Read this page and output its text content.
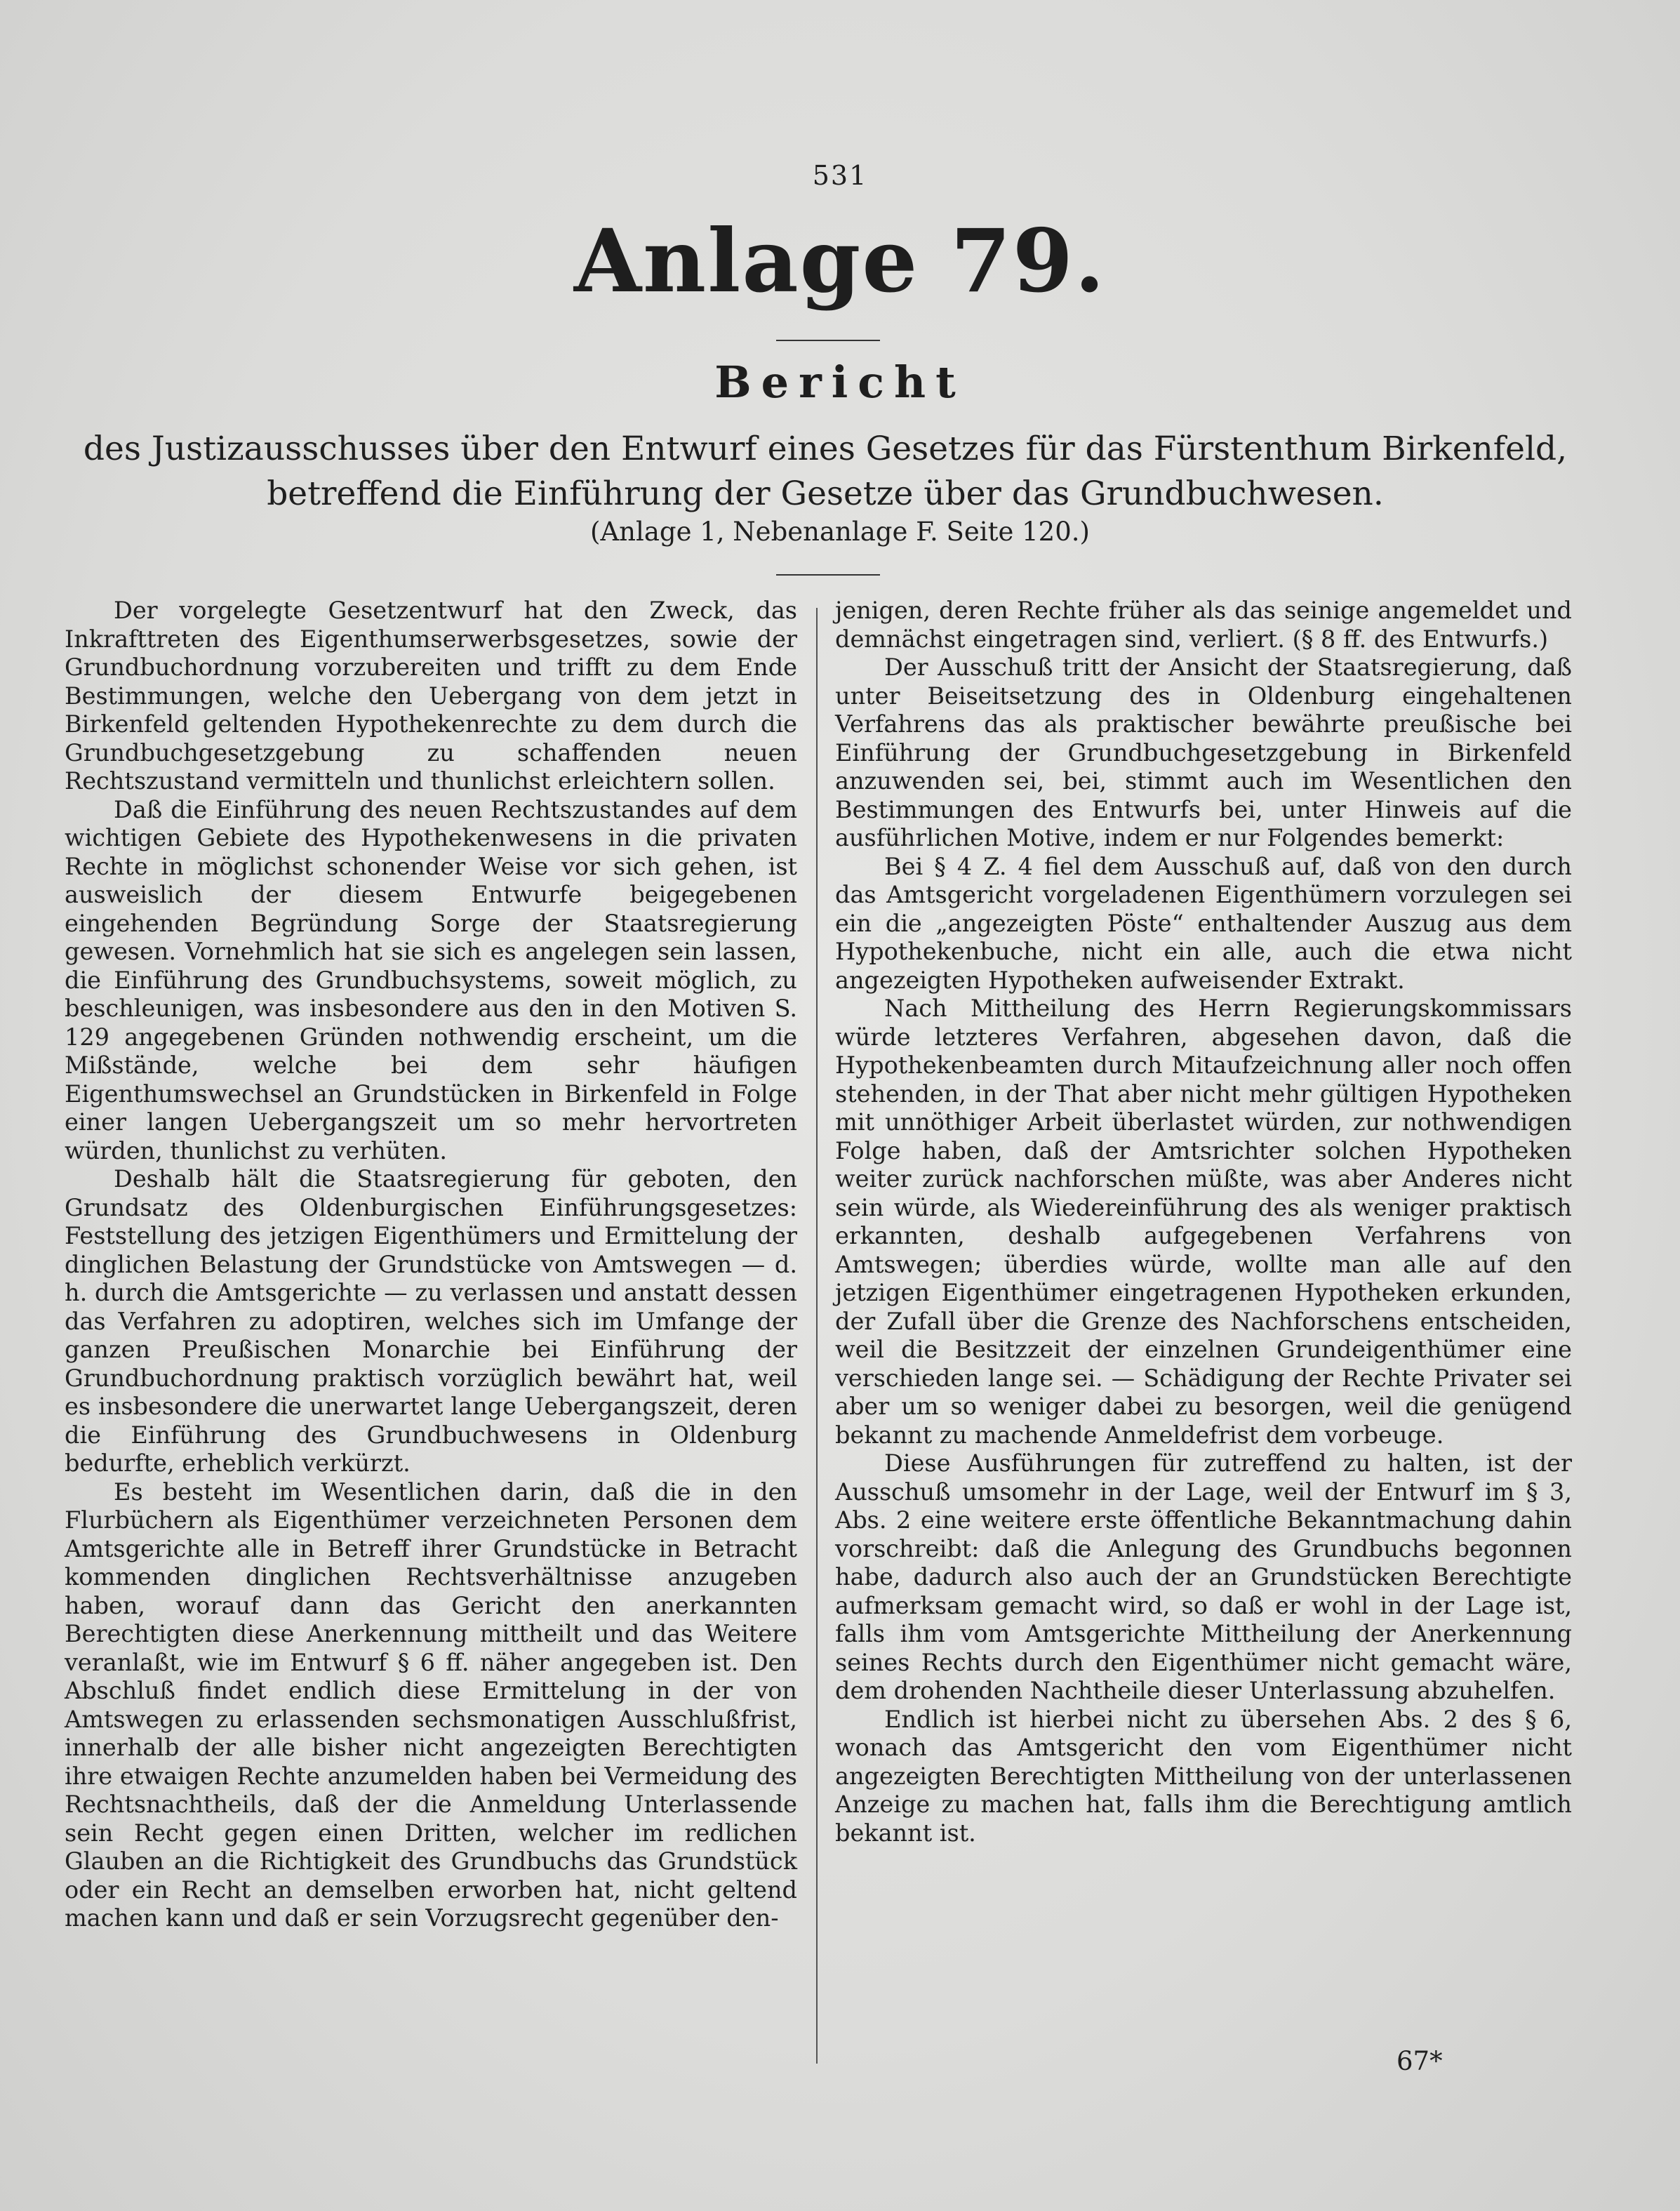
531
Anlage 79.
Bericht
des Justizausschusses über den Entwurf eines Gesetzes für das Fürstenthum Birkenfeld, betreffend die Einführung der Gesetze über das Grundbuchwesen.
(Anlage 1, Nebenanlage F. Seite 120.)

Der vorgelegte Gesetzentwurf hat den Zweck, das Inkrafttreten des Eigenthumserwerbsgesetzes, sowie der Grundbuchordnung vorzubereiten und trifft zu dem Ende Bestimmungen, welche den Uebergang von dem jetzt in Birkenfeld geltenden Hypothekenrechte zu dem durch die Grundbuchgesetzgebung zu schaffenden neuen Rechtszustand vermitteln und thunlichst erleichtern sollen.

Daß die Einführung des neuen Rechtszustandes auf dem wichtigen Gebiete des Hypothekenwesens in die privaten Rechte in möglichst schonender Weise vor sich gehen, ist ausweislich der diesem Entwurfe beigegebenen eingehenden Begründung Sorge der Staatsregierung gewesen. Vornehmlich hat sie sich es angelegen sein lassen, die Einführung des Grundbuchsystems, soweit möglich, zu beschleunigen, was insbesondere aus den in den Motiven S. 129 angegebenen Gründen nothwendig erscheint, um die Mißstände, welche bei dem sehr häufigen Eigenthumswechsel an Grundstücken in Birkenfeld in Folge einer langen Uebergangszeit um so mehr hervortreten würden, thunlichst zu verhüten.

Deshalb hält die Staatsregierung für geboten, den Grundsatz des Oldenburgischen Einführungsgesetzes: Feststellung des jetzigen Eigenthümers und Ermittelung der dinglichen Belastung der Grundstücke von Amtswegen — d. h. durch die Amtsgerichte — zu verlassen und anstatt dessen das Verfahren zu adoptiren, welches sich im Umfange der ganzen Preußischen Monarchie bei Einführung der Grundbuchordnung praktisch vorzüglich bewährt hat, weil es insbesondere die unerwartet lange Uebergangszeit, deren die Einführung des Grundbuchwesens in Oldenburg bedurfte, erheblich verkürzt.

Es besteht im Wesentlichen darin, daß die in den Flurbüchern als Eigenthümer verzeichneten Personen dem Amtsgerichte alle in Betreff ihrer Grundstücke in Betracht kommenden dinglichen Rechtsverhältnisse anzugeben haben, worauf dann das Gericht den anerkannten Berechtigten diese Anerkennung mittheilt und das Weitere veranlaßt, wie im Entwurf § 6 ff. näher angegeben ist. Den Abschluß findet endlich diese Ermittelung in der von Amtswegen zu erlassenden sechsmonatigen Ausschlußfrist, innerhalb der alle bisher nicht angezeigten Berechtigten ihre etwaigen Rechte anzumelden haben bei Vermeidung des Rechtsnachtheils, daß der die Anmeldung Unterlassende sein Recht gegen einen Dritten, welcher im redlichen Glauben an die Richtigkeit des Grundbuchs das Grundstück oder ein Recht an demselben erworben hat, nicht geltend machen kann und daß er sein Vorzugsrecht gegenüber den-

jenigen, deren Rechte früher als das seinige angemeldet und demnächst eingetragen sind, verliert. (§ 8 ff. des Entwurfs.)

Der Ausschuß tritt der Ansicht der Staatsregierung, daß unter Beiseitsetzung des in Oldenburg eingehaltenen Verfahrens das als praktischer bewährte preußische bei Einführung der Grundbuchgesetzgebung in Birkenfeld anzuwenden sei, bei, stimmt auch im Wesentlichen den Bestimmungen des Entwurfs bei, unter Hinweis auf die ausführlichen Motive, indem er nur Folgendes bemerkt:

Bei § 4 Z. 4 fiel dem Ausschuß auf, daß von den durch das Amtsgericht vorgeladenen Eigenthümern vorzulegen sei ein die „angezeigten Pöste“ enthaltender Auszug aus dem Hypothekenbuche, nicht ein alle, auch die etwa nicht angezeigten Hypotheken aufweisender Extrakt.

Nach Mittheilung des Herrn Regierungskommissars würde letzteres Verfahren, abgesehen davon, daß die Hypothekenbeamten durch Mitaufzeichnung aller noch offen stehenden, in der That aber nicht mehr gültigen Hypotheken mit unnöthiger Arbeit überlastet würden, zur nothwendigen Folge haben, daß der Amtsrichter solchen Hypotheken weiter zurück nachforschen müßte, was aber Anderes nicht sein würde, als Wiedereinführung des als weniger praktisch erkannten, deshalb aufgegebenen Verfahrens von Amtswegen; überdies würde, wollte man alle auf den jetzigen Eigenthümer eingetragenen Hypotheken erkunden, der Zufall über die Grenze des Nachforschens entscheiden, weil die Besitzzeit der einzelnen Grundeigenthümer eine verschieden lange sei. — Schädigung der Rechte Privater sei aber um so weniger dabei zu besorgen, weil die genügend bekannt zu machende Anmeldefrist dem vorbeuge.

Diese Ausführungen für zutreffend zu halten, ist der Ausschuß umsomehr in der Lage, weil der Entwurf im § 3, Abs. 2 eine weitere erste öffentliche Bekanntmachung dahin vorschreibt: daß die Anlegung des Grundbuchs begonnen habe, dadurch also auch der an Grundstücken Berechtigte aufmerksam gemacht wird, so daß er wohl in der Lage ist, falls ihm vom Amtsgerichte Mittheilung der Anerkennung seines Rechts durch den Eigenthümer nicht gemacht wäre, dem drohenden Nachtheile dieser Unterlassung abzuhelfen.

Endlich ist hierbei nicht zu übersehen Abs. 2 des § 6, wonach das Amtsgericht den vom Eigenthümer nicht angezeigten Berechtigten Mittheilung von der unterlassenen Anzeige zu machen hat, falls ihm die Berechtigung amtlich bekannt ist.

67*
